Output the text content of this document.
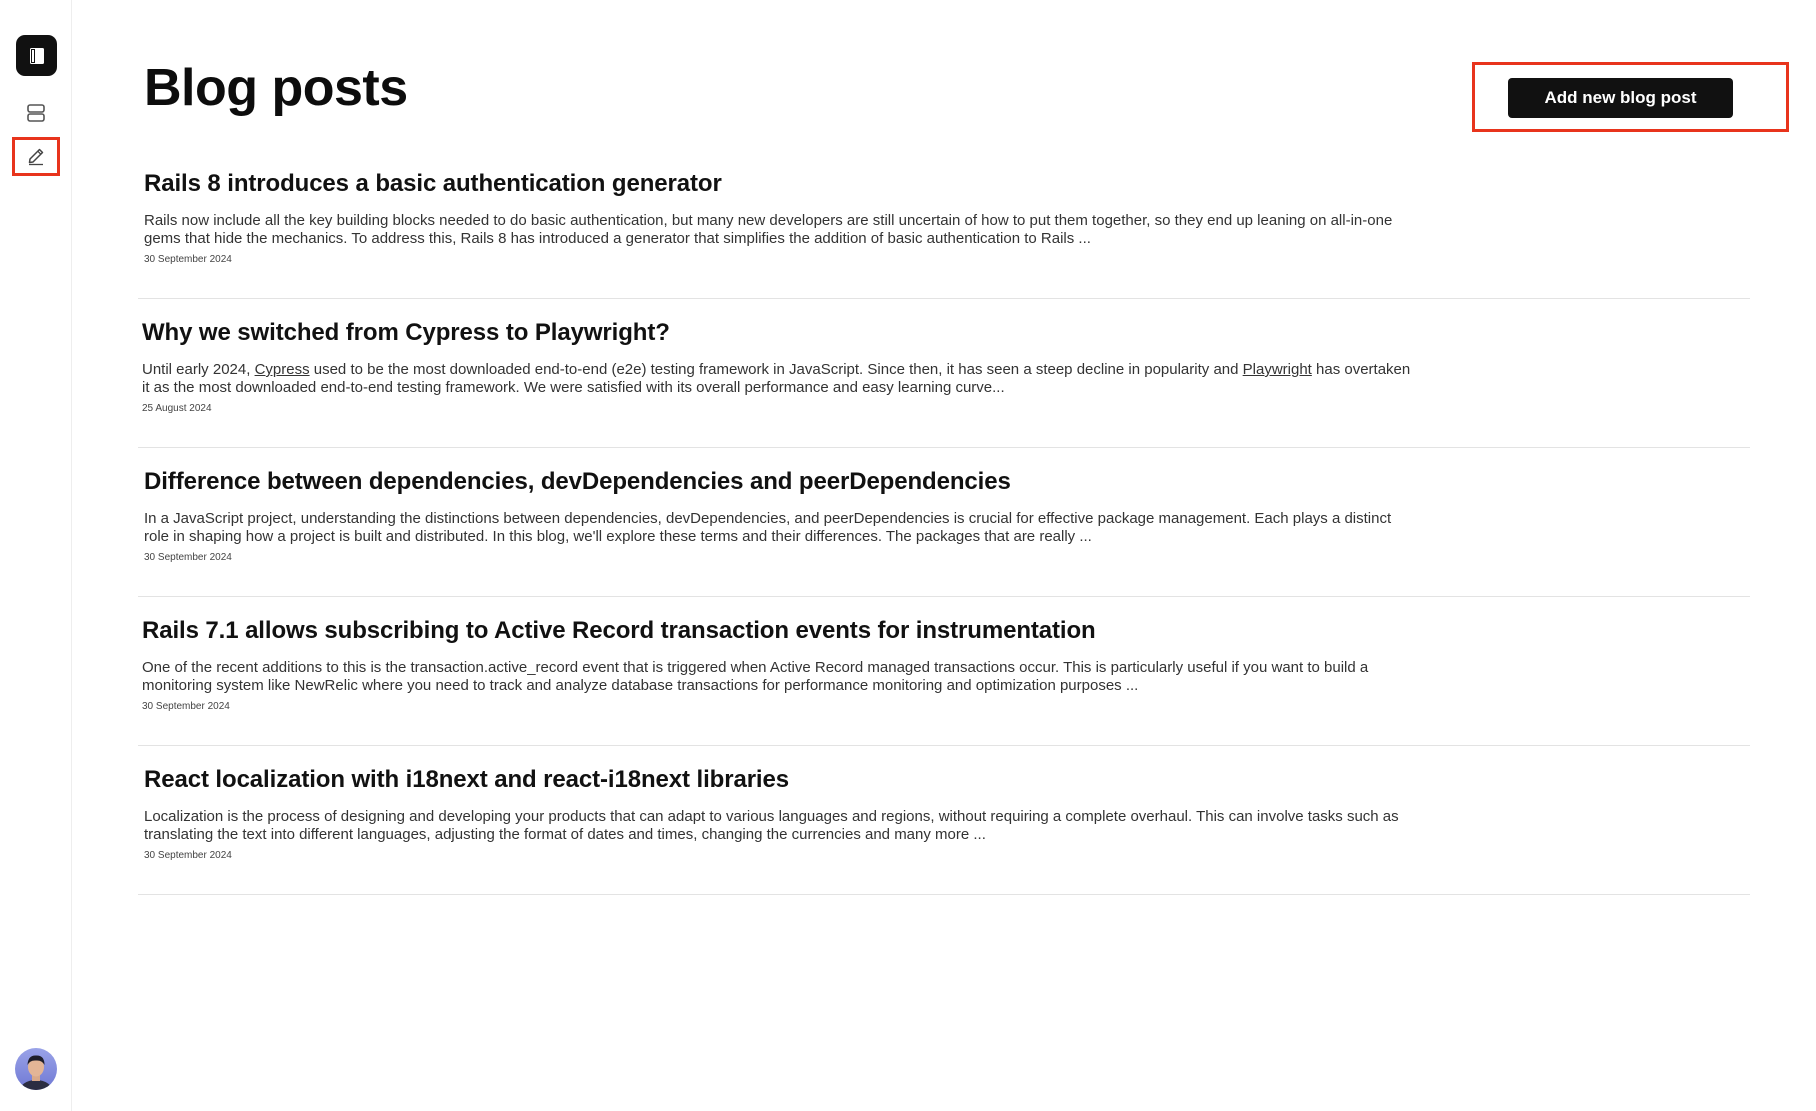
Blog posts	Add new blog post
Rails 8 introduces a basic authentication generator
Rails now include all the key building blocks needed to do basic authentication, but many new developers are still uncertain of how to put them together, so they end up leaning on all-in-one gems that hide the mechanics. To address this, Rails 8 has introduced a generator that simplifies the addition of basic authentication to Rails ...
30 September 2024
Why we switched from Cypress to Playwright?
Until early 2024, Cypress used to be the most downloaded end-to-end (e2e) testing framework in JavaScript. Since then, it has seen a steep decline in popularity and Playwright has overtaken it as the most downloaded end-to-end testing framework. We were satisfied with its overall performance and easy learning curve...
25 August 2024
Difference between dependencies, devDependencies and peerDependencies
In a JavaScript project, understanding the distinctions between dependencies, devDependencies, and peerDependencies is crucial for effective package management. Each plays a distinct role in shaping how a project is built and distributed. In this blog, we'll explore these terms and their differences. The packages that are really ...
30 September 2024
Rails 7.1 allows subscribing to Active Record transaction events for instrumentation
One of the recent additions to this is the transaction.active_record event that is triggered when Active Record managed transactions occur. This is particularly useful if you want to build a monitoring system like NewRelic where you need to track and analyze database transactions for performance monitoring and optimization purposes ...
30 September 2024
React localization with i18next and react-i18next libraries
Localization is the process of designing and developing your products that can adapt to various languages and regions, without requiring a complete overhaul. This can involve tasks such as translating the text into different languages, adjusting the format of dates and times, changing the currencies and many more ...
30 September 2024
